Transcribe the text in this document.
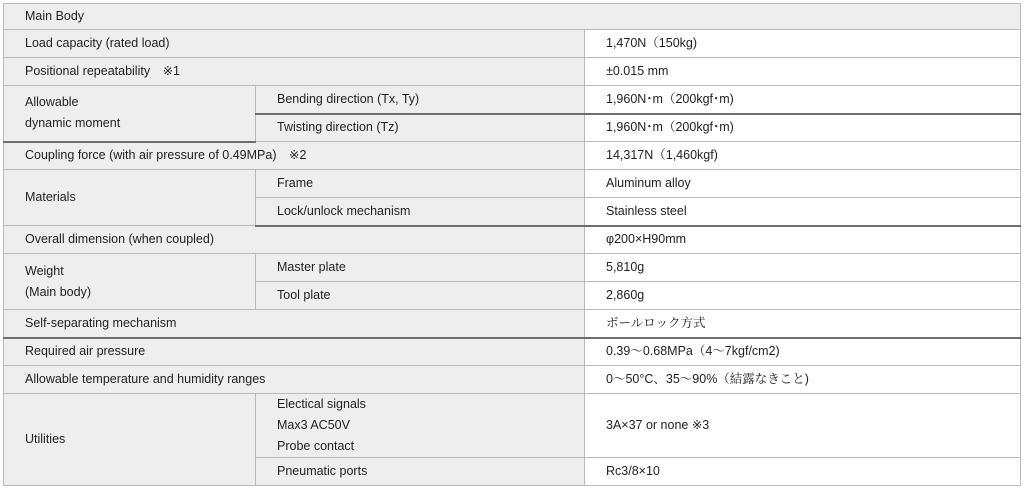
Main Body		
Load capacity (rated load)		1,470N（150kg)
Positional repeatability　※1		±0.015 mm
Allowable
dynamic moment	Bending direction (Tx, Ty)	1,960N･m（200kgf･m)
	Twisting direction (Tz)	1,960N･m（200kgf･m)
Coupling force (with air pressure of 0.49MPa)　※2		14,317N（1,460kgf)
Materials	Frame	Aluminum alloy
	Lock/unlock mechanism	Stainless steel
Overall dimension (when coupled)		φ200×H90mm
Weight
(Main body)	Master plate	5,810g
	Tool plate	2,860g
Self-separating mechanism		ボールロック方式
Required air pressure		0.39～0.68MPa（4～7kgf/cm2)
Allowable temperature and humidity ranges		0～50°C、35～90%（結露なきこと)
Utilities	Electical signals
Max3 AC50V
Probe contact	3A×37 or none ※3
	Pneumatic ports	Rc3/8×10
